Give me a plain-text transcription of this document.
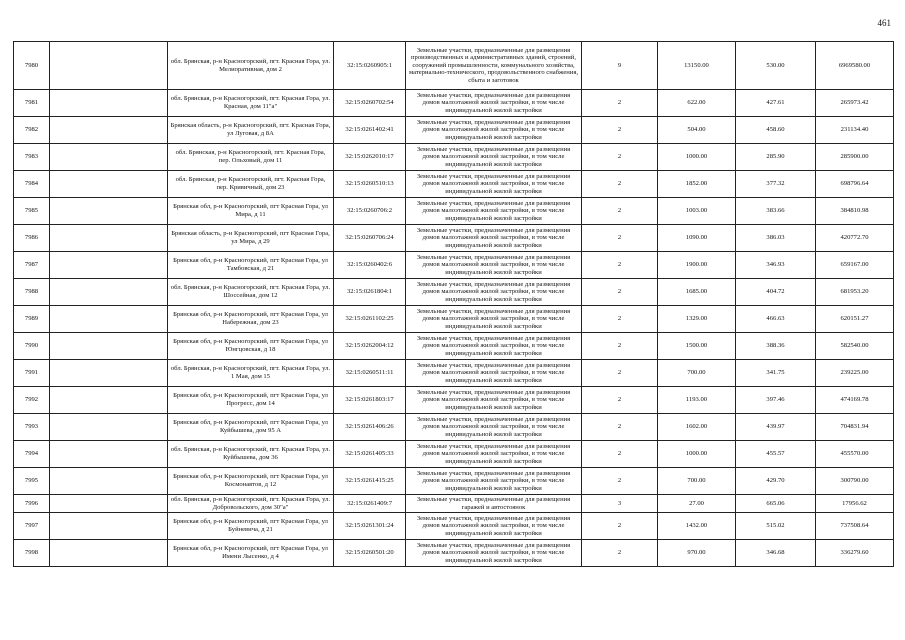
461
7980		обл. Брянская, р-н Красногорский, пгт. Красная Гора, ул. Мелиоративная, дом 2	32:15:0260905:1	Земельные участки, предназначенные для размещения производственных и административных зданий, строений, сооружений промышленности, коммунального хозяйства, материально-технического, продовольственного снабжения, сбыта и заготовок	9	13150.00	530.00	6969580.00
7981		обл. Брянская, р-н Красногорский, пгт. Красная Гора, ул. Красная, дом 11"а"	32:15:0260702:54	Земельные участки, предназначенные для размещения домов малоэтажной жилой застройки, в том числе индивидуальной жилой застройки	2	622.00	427.61	265973.42
7982		Брянская область, р-н Красногорский, пгт. Красная Гора, ул Луговая, д 8А	32:15:0261402:41	Земельные участки, предназначенные для размещения домов малоэтажной жилой застройки, в том числе индивидуальной жилой застройки	2	504.00	458.60	231134.40
7983		обл. Брянская, р-н Красногорский, пгт. Красная Гора, пер. Ольховый, дом 11	32:15:0262010:17	Земельные участки, предназначенные для размещения домов малоэтажной жилой застройки, в том числе индивидуальной жилой застройки	2	1000.00	285.90	285900.00
7984		обл. Брянская, р-н Красногорский, пгт. Красная Гора, пер. Кривичный, дом 23	32:15:0260510:13	Земельные участки, предназначенные для размещения домов малоэтажной жилой застройки, в том числе индивидуальной жилой застройки	2	1852.00	377.32	698796.64
7985		Брянская обл, р-н Красногорский, пгт Красная Гора, ул Мира, д 11	32:15:0260706:2	Земельные участки, предназначенные для размещения домов малоэтажной жилой застройки, в том числе индивидуальной жилой застройки	2	1003.00	383.66	384810.98
7986		Брянская область, р-н Красногорский, пгт Красная Гора, ул Мира, д 29	32:15:0260706:24	Земельные участки, предназначенные для размещения домов малоэтажной жилой застройки, в том числе индивидуальной жилой застройки	2	1090.00	386.03	420772.70
7987		Брянская обл, р-н Красногорский, пгт Красная Гора, ул Тамбовская, д 21	32:15:0260402:6	Земельные участки, предназначенные для размещения домов малоэтажной жилой застройки, в том числе индивидуальной жилой застройки	2	1900.00	346.93	659167.00
7988		обл. Брянская, р-н Красногорский, пгт. Красная Гора, ул. Шоссейная, дом 12	32:15:0261804:1	Земельные участки, предназначенные для размещения домов малоэтажной жилой застройки, в том числе индивидуальной жилой застройки	2	1685.00	404.72	681953.20
7989		Брянская обл, р-н Красногорский, пгт Красная Гора, ул Набережная, дом 23	32:15:0261102:25	Земельные участки, предназначенные для размещения домов малоэтажной жилой застройки, в том числе индивидуальной жилой застройки	2	1329.00	466.63	620151.27
7990		Брянская обл, р-н Красногорский, пгт Красная Гора, ул Юнгцовская, д 18	32:15:0262004:12	Земельные участки, предназначенные для размещения домов малоэтажной жилой застройки, в том числе индивидуальной жилой застройки	2	1500.00	388.36	582540.00
7991		обл. Брянская, р-н Красногорский, пгт. Красная Гора, ул. 1 Мая, дом 15	32:15:0260511:11	Земельные участки, предназначенные для размещения домов малоэтажной жилой застройки, в том числе индивидуальной жилой застройки	2	700.00	341.75	239225.00
7992		Брянская обл, р-н Красногорский, пгт Красная Гора, ул Прогресс, дом 14	32:15:0261803:17	Земельные участки, предназначенные для размещения домов малоэтажной жилой застройки, в том числе индивидуальной жилой застройки	2	1193.00	397.46	474169.78
7993		Брянская обл, р-н Красногорский, пгт Красная Гора, ул Куйбышева, дом 95 А	32:15:0261406:26	Земельные участки, предназначенные для размещения домов малоэтажной жилой застройки, в том числе индивидуальной жилой застройки	2	1602.00	439.97	704831.94
7994		обл. Брянская, р-н Красногорский, пгт. Красная Гора, ул. Куйбышева, дом 36	32:15:0261405:33	Земельные участки, предназначенные для размещения домов малоэтажной жилой застройки, в том числе индивидуальной жилой застройки	2	1000.00	455.57	455570.00
7995		Брянская обл, р-н Красногорский, пгт Красная Гора, ул Космонавтов, д 12	32:15:0261415:25	Земельные участки, предназначенные для размещения домов малоэтажной жилой застройки, в том числе индивидуальной жилой застройки	2	700.00	429.70	300790.00
7996		обл. Брянская, р-н Красногорский, пгт. Красная Гора, ул. Добровольского, дом 30"а"	32:15:0261409:7	Земельные участки, предназначенные для размещения гаражей и автостоянок	3	27.00	665.06	17956.62
7997		Брянская обл, р-н Красногорский, пгт Красная Гора, ул Буйневича, д 21	32:15:0261301:24	Земельные участки, предназначенные для размещения домов малоэтажной жилой застройки, в том числе индивидуальной жилой застройки	2	1432.00	515.02	737508.64
7998		Брянская обл, р-н Красногорский, пгт Красная Гора, ул Имени Лысенко, д 4	32:15:0260501:20	Земельные участки, предназначенные для размещения домов малоэтажной жилой застройки, в том числе индивидуальной жилой застройки	2	970.00	346.68	336279.60
